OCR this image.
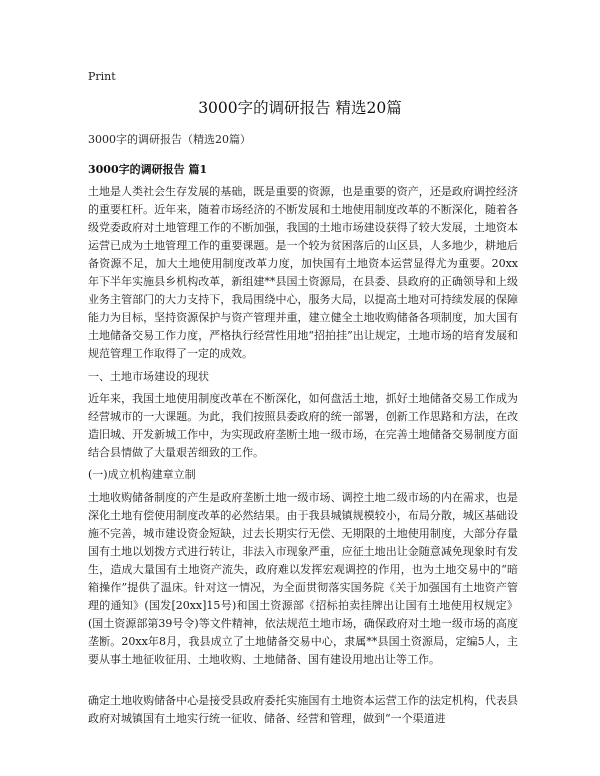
Print
3000字的调研报告 精选20篇
3000字的调研报告（精选20篇）
3000字的调研报告 篇1

土地是人类社会生存发展的基础，既是重要的资源，也是重要的资产，还是政府调控经济的重要杠杆。近年来，随着市场经济的不断发展和土地使用制度改革的不断深化，随着各级党委政府对土地管理工作的不断加强，我国的土地市场建设获得了较大发展，土地资本运营已成为土地管理工作的重要课题。是一个较为贫困落后的山区县，人多地少，耕地后备资源不足，加大土地使用制度改革力度，加快国有土地资本运营显得尤为重要。20xx年下半年实施县乡机构改革，新组建**县国土资源局，在县委、县政府的正确领导和上级业务主管部门的大力支持下，我局围绕中心，服务大局，以提高土地对可持续发展的保障能力为目标，坚持资源保护与资产管理并重，建立健全土地收购储备各项制度，加大国有土地储备交易工作力度，严格执行经营性用地“招拍挂”出让规定，土地市场的培育发展和规范管理工作取得了一定的成效。

一、土地市场建设的现状

近年来，我国土地使用制度改革在不断深化，如何盘活土地，抓好土地储备交易工作成为经营城市的一大课题。为此，我们按照县委政府的统一部署，创新工作思路和方法，在改造旧城、开发新城工作中，为实现政府垄断土地一级市场，在完善土地储备交易制度方面结合县情做了大量艰苦细致的工作。

(一)成立机构建章立制

土地收购储备制度的产生是政府垄断土地一级市场、调控土地二级市场的内在需求，也是深化土地有偿使用制度改革的必然结果。由于我县城镇规模较小，布局分散，城区基础设施不完善，城市建设资金短缺，过去长期实行无偿、无期限的土地使用制度，大部分存量国有土地以划拨方式进行转让，非法入市现象严重，应征土地出让金随意减免现象时有发生，造成大量国有土地资产流失，政府难以发挥宏观调控的作用，也为土地交易中的“暗箱操作”提供了温床。针对这一情况，为全面贯彻落实国务院《关于加强国有土地资产管理的通知》(国发[20xx]15号)和国土资源部《招标拍卖挂牌出让国有土地使用权规定》(国土资源部第39号令)等文件精神，依法规范土地市场，确保政府对土地一级市场的高度垄断。20xx年8月，我县成立了土地储备交易中心，隶属**县国土资源局，定编5人，主要从事土地征收征用、土地收购、土地储备、国有建设用地出让等工作。

确定土地收购储备中心是接受县政府委托实施国有土地资本运营工作的法定机构，代表县政府对城镇国有土地实行统一征收、储备、经营和管理，做到“一个渠道进
